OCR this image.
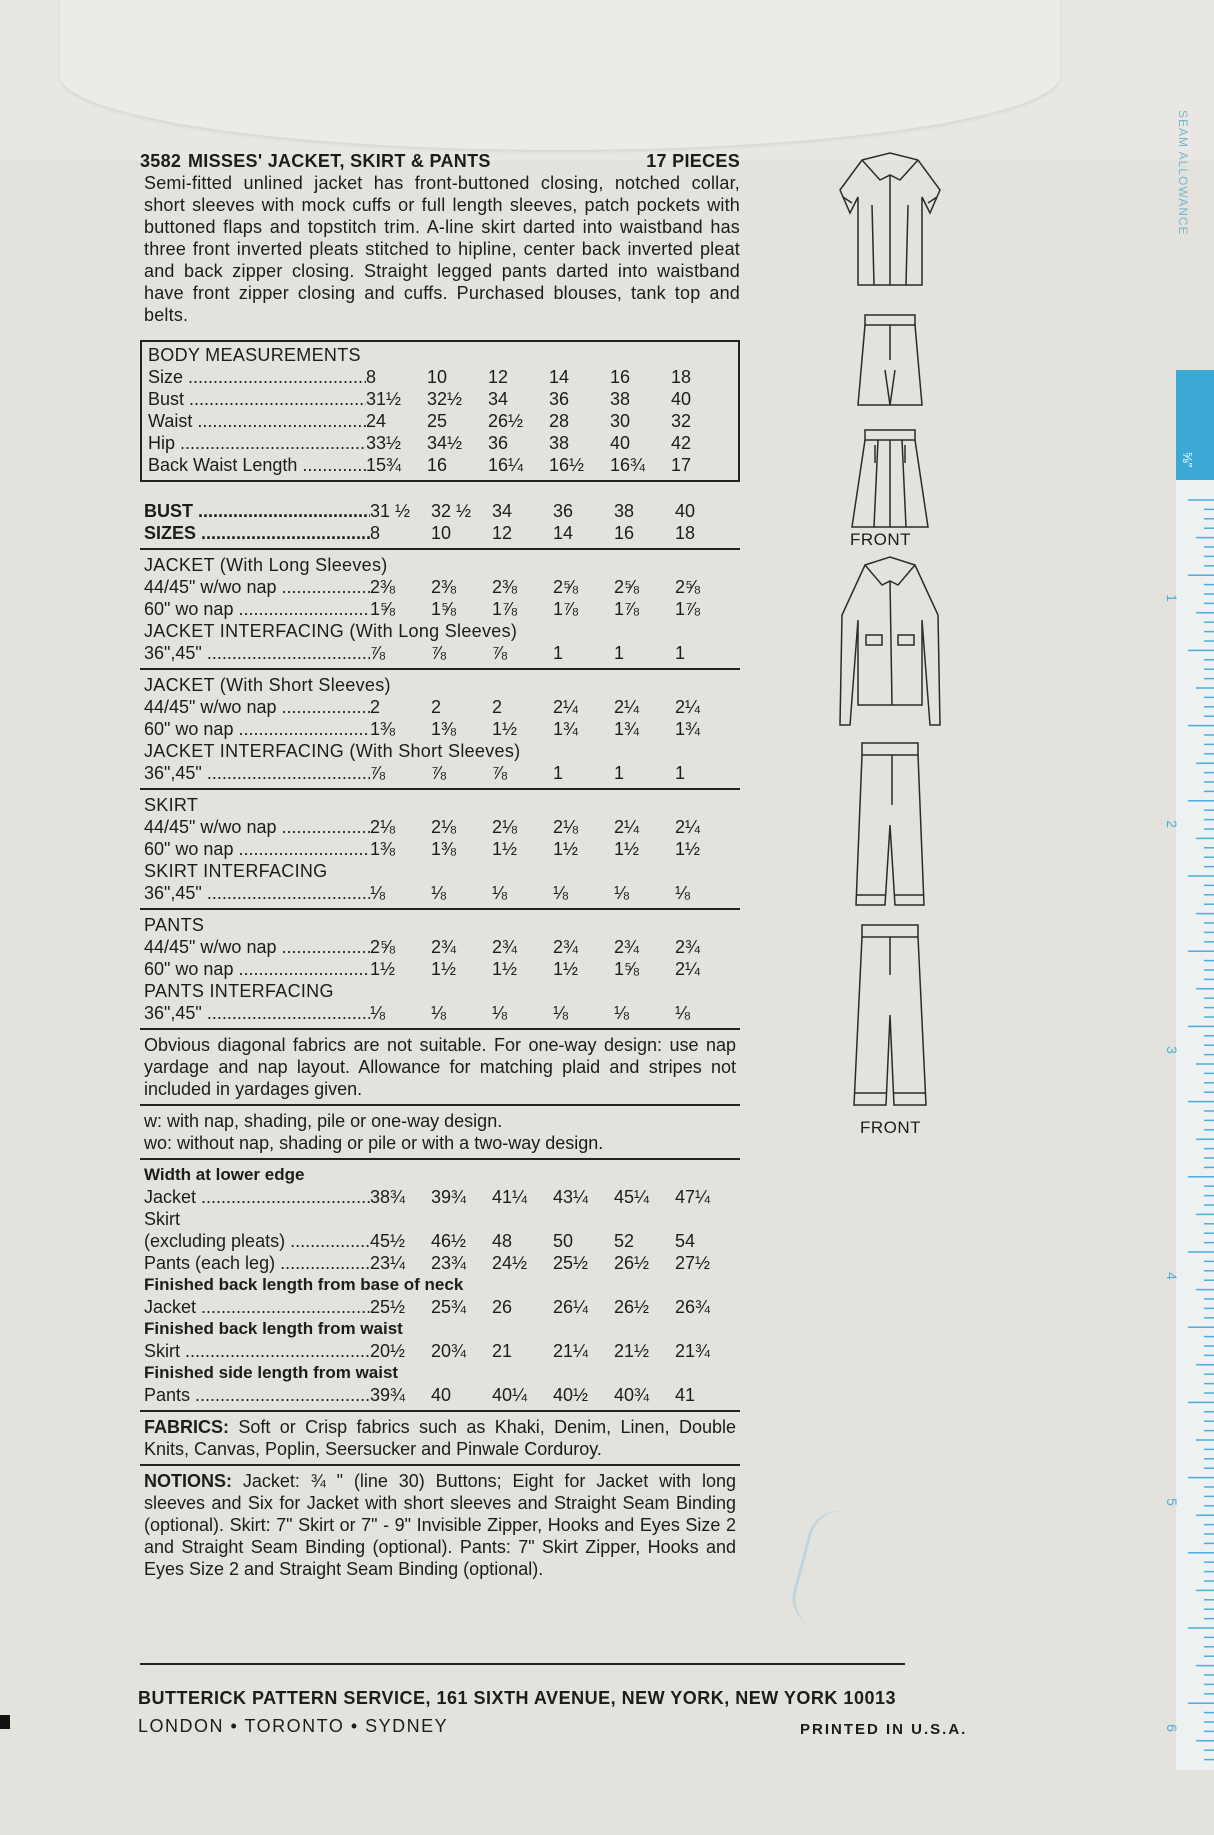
3582 MISSES' JACKET, SKIRT & PANTS	17 PIECES

Semi-fitted unlined jacket has front-buttoned closing, notched collar, short sleeves with mock cuffs or full length sleeves, patch pockets with buttoned flaps and topstitch trim. A-line skirt darted into waistband has three front inverted pleats stitched to hipline, center back inverted pleat and back zipper closing. Straight legged pants darted into waistband have front zipper closing and cuffs. Purchased blouses, tank top and belts.

BODY MEASUREMENTS
Size .....	8	10	12	14	16	18
Bust .....	31½	32½	34	36	38	40
Waist .....	24	25	26½	28	30	32
Hip .....	33½	34½	36	38	40	42
Back Waist Length .....	15¾	16	16¼	16½	16¾	17
BUST .....	31 ½	32 ½	34	36	38	40
SIZES .....	8	10	12	14	16	18
JACKET (With Long Sleeves)
44/45" w/wo nap .....	2⅜	2⅜	2⅜	2⅝	2⅝	2⅝
60" wo nap .....	1⅝	1⅝	1⅞	1⅞	1⅞	1⅞
JACKET INTERFACING (With Long Sleeves)
36",45" .....	⅞	⅞	⅞	1	1	1
JACKET (With Short Sleeves)
44/45" w/wo nap .....	2	2	2	2¼	2¼	2¼
60" wo nap .....	1⅜	1⅜	1½	1¾	1¾	1¾
JACKET INTERFACING (With Short Sleeves)
36",45" .....	⅞	⅞	⅞	1	1	1
SKIRT
44/45" w/wo nap .....	2⅛	2⅛	2⅛	2⅛	2¼	2¼
60" wo nap .....	1⅜	1⅜	1½	1½	1½	1½
SKIRT INTERFACING
36",45" .....	⅛	⅛	⅛	⅛	⅛	⅛
PANTS
44/45" w/wo nap .....	2⅝	2¾	2¾	2¾	2¾	2¾
60" wo nap .....	1½	1½	1½	1½	1⅝	2¼
PANTS INTERFACING
36",45" .....	⅛	⅛	⅛	⅛	⅛	⅛
Obvious diagonal fabrics are not suitable. For one-way design: use nap yardage and nap layout. Allowance for matching plaid and stripes not included in yardages given.
w: with nap, shading, pile or one-way design.
wo: without nap, shading or pile or with a two-way design.
Width at lower edge
Jacket .....	38¾	39¾	41¼	43¼	45¼	47¼
Skirt
(excluding pleats) .....	45½	46½	48	50	52	54
Pants (each leg) .....	23¼	23¾	24½	25½	26½	27½
Finished back length from base of neck
Jacket .....	25½	25¾	26	26¼	26½	26¾
Finished back length from waist
Skirt .....	20½	20¾	21	21¼	21½	21¾
Finished side length from waist
Pants .....	39¾	40	40¼	40½	40¾	41
FABRICS: Soft or Crisp fabrics such as Khaki, Denim, Linen, Double Knits, Canvas, Poplin, Seersucker and Pinwale Corduroy.
NOTIONS: Jacket: ¾ " (line 30) Buttons; Eight for Jacket with long sleeves and Six for Jacket with short sleeves and Straight Seam Binding (optional). Skirt: 7" Skirt or 7" - 9" Invisible Zipper, Hooks and Eyes Size 2 and Straight Seam Binding (optional). Pants: 7" Skirt Zipper, Hooks and Eyes Size 2 and Straight Seam Binding (optional).
BUTTERICK PATTERN SERVICE, 161 SIXTH AVENUE, NEW YORK, NEW YORK 10013
LONDON • TORONTO • SYDNEY	PRINTED IN U.S.A.
FRONT
FRONT
SEAM ALLOWANCE
⅝"
1
2
3
4
5
6
